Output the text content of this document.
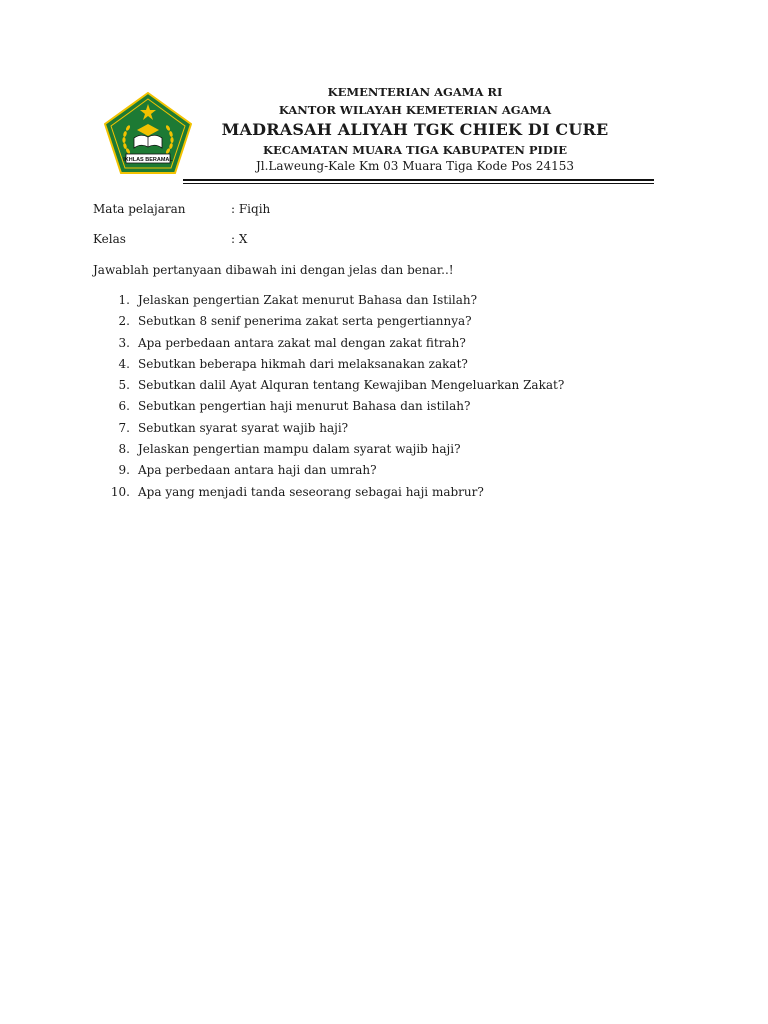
IKHLAS BERAMAL
KEMENTERIAN AGAMA RI
KANTOR WILAYAH KEMETERIAN AGAMA
MADRASAH ALIYAH TGK CHIEK DI CURE
KECAMATAN MUARA TIGA KABUPATEN PIDIE
Jl.Laweung-Kale Km 03 Muara Tiga Kode Pos 24153
Mata pelajaran	: Fiqih
Kelas	: X
Jawablah pertanyaan dibawah ini dengan jelas dan benar..!
1. Jelaskan pengertian Zakat menurut Bahasa dan Istilah?
2. Sebutkan 8 senif penerima zakat serta pengertiannya?
3. Apa perbedaan antara zakat mal dengan zakat fitrah?
4. Sebutkan beberapa hikmah dari melaksanakan zakat?
5. Sebutkan dalil Ayat Alquran tentang Kewajiban Mengeluarkan Zakat?
6. Sebutkan pengertian haji menurut Bahasa dan istilah?
7. Sebutkan syarat syarat wajib haji?
8. Jelaskan pengertian mampu dalam syarat wajib haji?
9. Apa perbedaan antara haji dan umrah?
10. Apa yang menjadi tanda seseorang sebagai haji mabrur?
